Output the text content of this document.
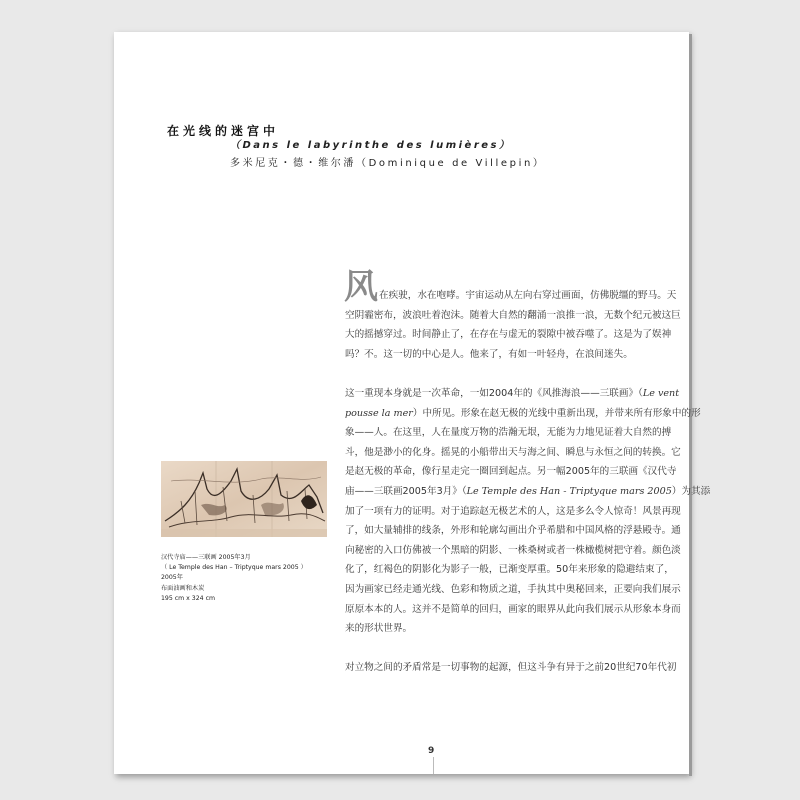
在光线的迷宫中
（Dans le labyrinthe des lumières）
多米尼克・德・维尔潘（Dominique de Villepin）
风 在疾驶，水在咆哮。宇宙运动从左向右穿过画面，仿佛脱缰的野马。天
空阴霾密布，波浪吐着泡沫。随着大自然的翻涌一浪推一浪，无数个纪元被这巨
大的摇撼穿过。时间静止了，在存在与虚无的裂隙中被吞噬了。这是为了娱神
吗？不。这一切的中心是人。他来了，有如一叶轻舟，在浪间迷失。
这一重现本身就是一次革命，一如2004年的《风推海浪——三联画》（Le vent
pousse la mer）中所见。形象在赵无极的光线中重新出现，并带来所有形象中的形
象——人。在这里，人在量度万物的浩瀚无垠，无能为力地见证着大自然的搏
斗，他是渺小的化身。摇晃的小船带出天与海之间、瞬息与永恒之间的转换。它
是赵无极的革命，像行星走完一圈回到起点。另一幅2005年的三联画《汉代寺
庙——三联画2005年3月》（Le Temple des Han - Triptyque mars 2005）为其添
加了一项有力的证明。对于追踪赵无极艺术的人，这是多么令人惊奇！风景再现
了，如大量辅排的线条，外形和轮廓勾画出介乎希腊和中国风格的浮悬殿寺。通
向秘密的入口仿佛被一个黑暗的阴影、一株桑树或者一株橄榄树把守着。颜色淡
化了，红褐色的阴影化为影子一般，已渐变厚重。50年来形象的隐避结束了，
因为画家已经走通光线、色彩和物质之道，手执其中奥秘回来，正要向我们展示
原原本本的人。这并不是简单的回归，画家的眼界从此向我们展示从形象本身而
来的形状世界。
对立物之间的矛盾常是一切事物的起源，但这斗争有异于之前20世纪70年代初
汉代寺庙——三联画 2005年3月
（ Le Temple des Han – Triptyque mars 2005 ）
2005年
布面油画和木炭
195 cm x 324 cm
9
